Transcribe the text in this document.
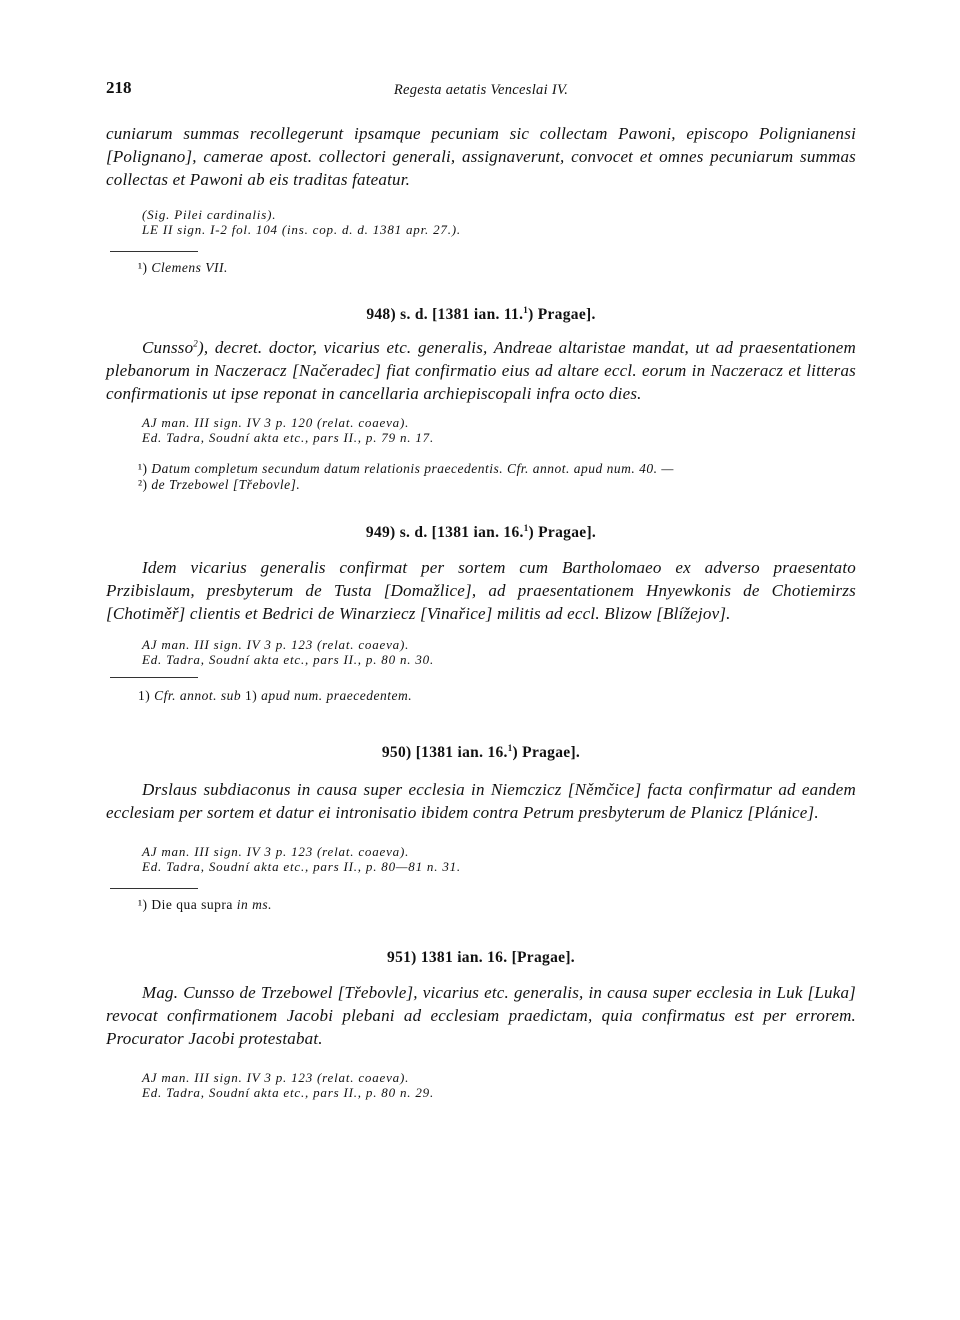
218	Regesta aetatis Venceslai IV.

cuniarum summas recollegerunt ipsamque pecuniam sic collectam Pawoni, episcopo Polignianensi [Polignano], camerae apost. collectori generali, assignaverunt, convocet et omnes pecuniarum summas collectas et Pawoni ab eis traditas fateatur.

(Sig. Pilei cardinalis).
LE II sign. I-2 fol. 104 (ins. cop. d. d. 1381 apr. 27.).
¹) Clemens VII.
948) s. d. [1381 ian. 11.$^1$) Pragae].

Cunsso$^2$), decret. doctor, vicarius etc. generalis, Andreae altaristae mandat, ut ad praesentationem plebanorum in Naczeracz [Načeradec] fiat confirmatio eius ad altare eccl. eorum in Naczeracz et litteras confirmationis ut ipse reponat in cancellaria archiepiscopali infra octo dies.

AJ man. III sign. IV 3 p. 120 (relat. coaeva).
Ed. Tadra, Soudní akta etc., pars II., p. 79 n. 17.
¹) Datum completum secundum datum relationis praecedentis. Cfr. annot. apud num. 40. —
²) de Trzebowel [Třebovle].
949) s. d. [1381 ian. 16.$^1$) Pragae].

Idem vicarius generalis confirmat per sortem cum Bartholomaeo ex adverso praesentato Przibislaum, presbyterum de Tusta [Domažlice], ad praesentationem Hnyewkonis de Chotiemirzs [Chotiměř] clientis et Bedrici de Winarziecz [Vinařice] militis ad eccl. Blizow [Blížejov].

AJ man. III sign. IV 3 p. 123 (relat. coaeva).
Ed. Tadra, Soudní akta etc., pars II., p. 80 n. 30.
1) Cfr. annot. sub 1) apud num. praecedentem.
950) [1381 ian. 16.$^1$) Pragae].

Drslaus subdiaconus in causa super ecclesia in Niemczicz [Němčice] facta confirmatur ad eandem ecclesiam per sortem et datur ei intronisatio ibidem contra Petrum presbyterum de Planicz [Plánice].

AJ man. III sign. IV 3 p. 123 (relat. coaeva).
Ed. Tadra, Soudní akta etc., pars II., p. 80—81 n. 31.
¹) Die qua supra in ms.
951) 1381 ian. 16. [Pragae].

Mag. Cunsso de Trzebowel [Třebovle], vicarius etc. generalis, in causa super ecclesia in Luk [Luka] revocat confirmationem Jacobi plebani ad ecclesiam praedictam, quia confirmatus est per errorem. Procurator Jacobi protestabat.

AJ man. III sign. IV 3 p. 123 (relat. coaeva).
Ed. Tadra, Soudní akta etc., pars II., p. 80 n. 29.
